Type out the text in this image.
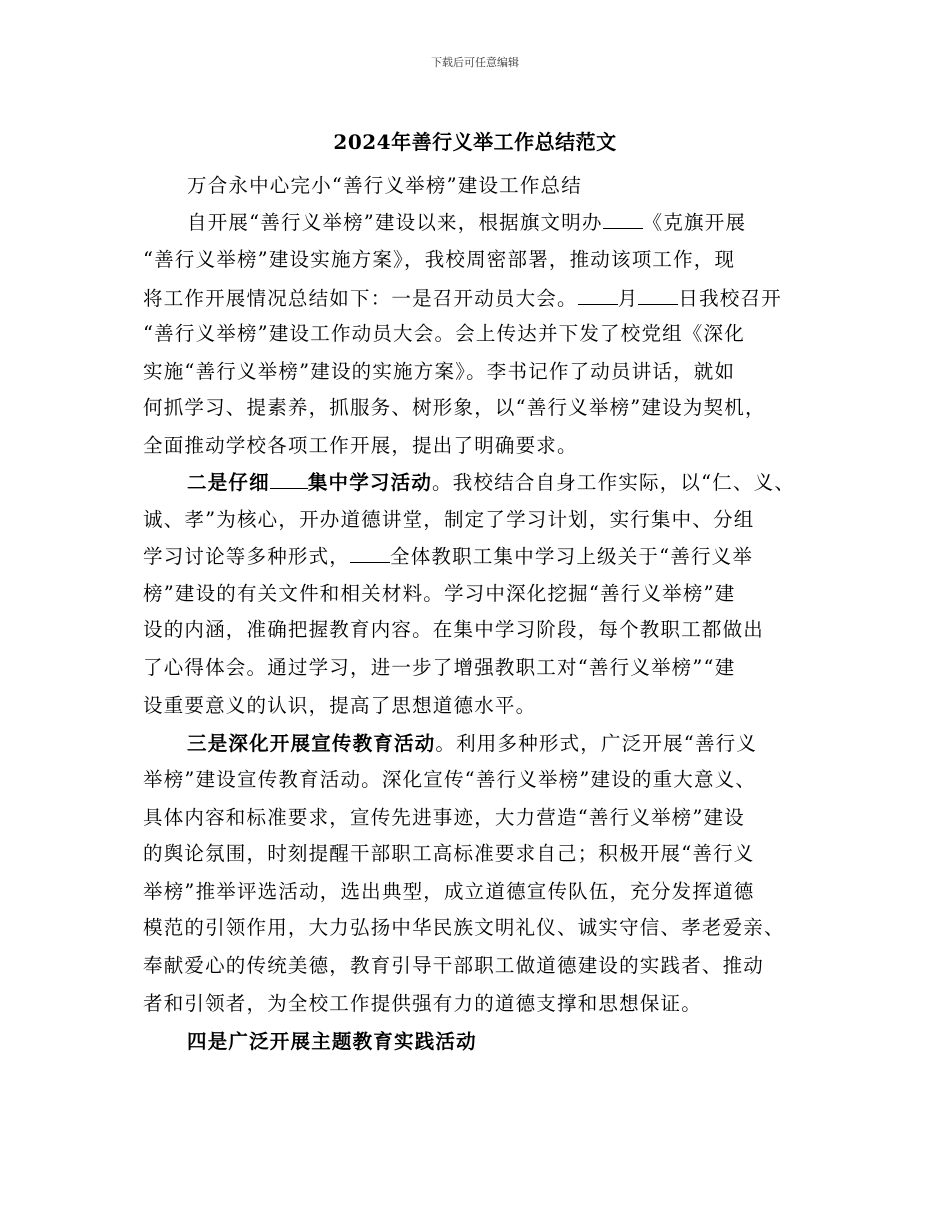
下载后可任意编辑
2024年善行义举工作总结范文
万合永中心完小“善行义举榜”建设工作总结
自开展“善行义举榜”建设以来，根据旗文明办 《克旗开展
“善行义举榜”建设实施方案》，我校周密部署，推动该项工作，现
将工作开展情况总结如下：一是召开动员大会。 月 日我校召开
“善行义举榜”建设工作动员大会。会上传达并下发了校党组《深化
实施“善行义举榜”建设的实施方案》。李书记作了动员讲话，就如
何抓学习、提素养，抓服务、树形象，以“善行义举榜”建设为契机，
全面推动学校各项工作开展，提出了明确要求。
二是仔细 集中学习活动。我校结合自身工作实际，以“仁、义、
诚、孝”为核心，开办道德讲堂，制定了学习计划，实行集中、分组
学习讨论等多种形式， 全体教职工集中学习上级关于“善行义举
榜”建设的有关文件和相关材料。学习中深化挖掘“善行义举榜”建
设的内涵，准确把握教育内容。在集中学习阶段，每个教职工都做出
了心得体会。通过学习，进一步了增强教职工对“善行义举榜”“建
设重要意义的认识，提高了思想道德水平。
三是深化开展宣传教育活动。利用多种形式，广泛开展“善行义
举榜”建设宣传教育活动。深化宣传“善行义举榜”建设的重大意义、
具体内容和标准要求，宣传先进事迹，大力营造“善行义举榜”建设
的舆论氛围，时刻提醒干部职工高标准要求自己；积极开展“善行义
举榜”推举评选活动，选出典型，成立道德宣传队伍，充分发挥道德
模范的引领作用，大力弘扬中华民族文明礼仪、诚实守信、孝老爱亲、
奉献爱心的传统美德，教育引导干部职工做道德建设的实践者、推动
者和引领者，为全校工作提供强有力的道德支撑和思想保证。
四是广泛开展主题教育实践活动
